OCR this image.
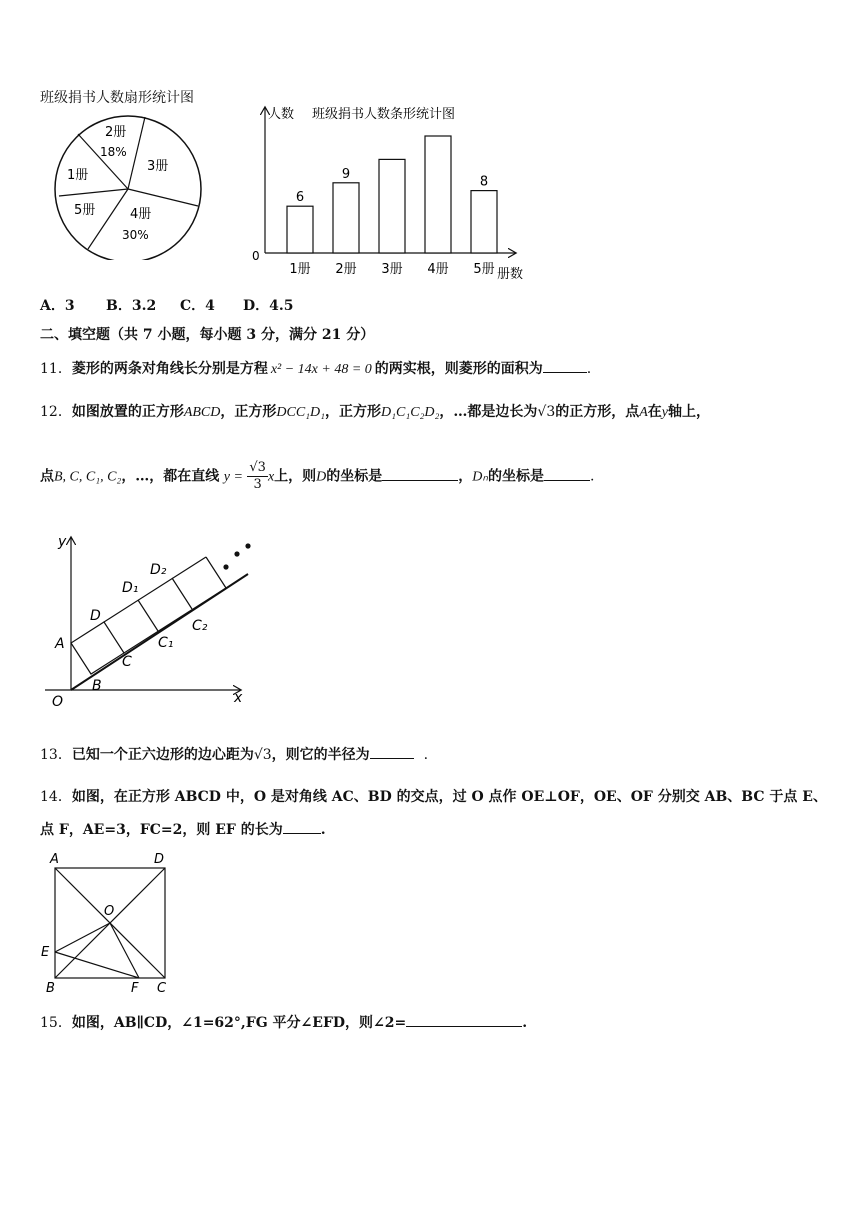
班级捐书人数扇形统计图
2册
18%
3册
4册
30%
5册
1册
人数 班级捐书人数条形统计图
0
册数
6
1册
9
2册 3册 4册
8
5册
A．3 B．3.2 C．4 D．4.5
二、填空题（共 7 小题，每小题 3 分，满分 21 分）
11．菱形的两条对角线长分别是方程 x² − 14x + 48 = 0 的两实根，则菱形的面积为	.
12．如图放置的正方形ABCD，正方形DCC₁D₁，正方形D₁C₁C₂D₂，…都是边长为√3的正方形，点A在y轴上，
点B, C, C₁, C₂，…，都在直线 $y = \frac{√3}{3}$ x上，则D的坐标是	，Dₙ的坐标是	.
y
x
O
A
B
C
D
D₁
D₂
C₁
C₂
13．已知一个正六边形的边心距为√3，则它的半径为	.
14．如图，在正方形 ABCD 中，O 是对角线 AC、BD 的交点，过 O 点作 OE⊥OF，OE、OF 分别交 AB、BC 于点 E、
点 F，AE=3，FC=2，则 EF 的长为	.
A	D
O
E
B	F C
15．如图，AB∥CD，∠1=62°,FG 平分∠EFD，则∠2=	.
